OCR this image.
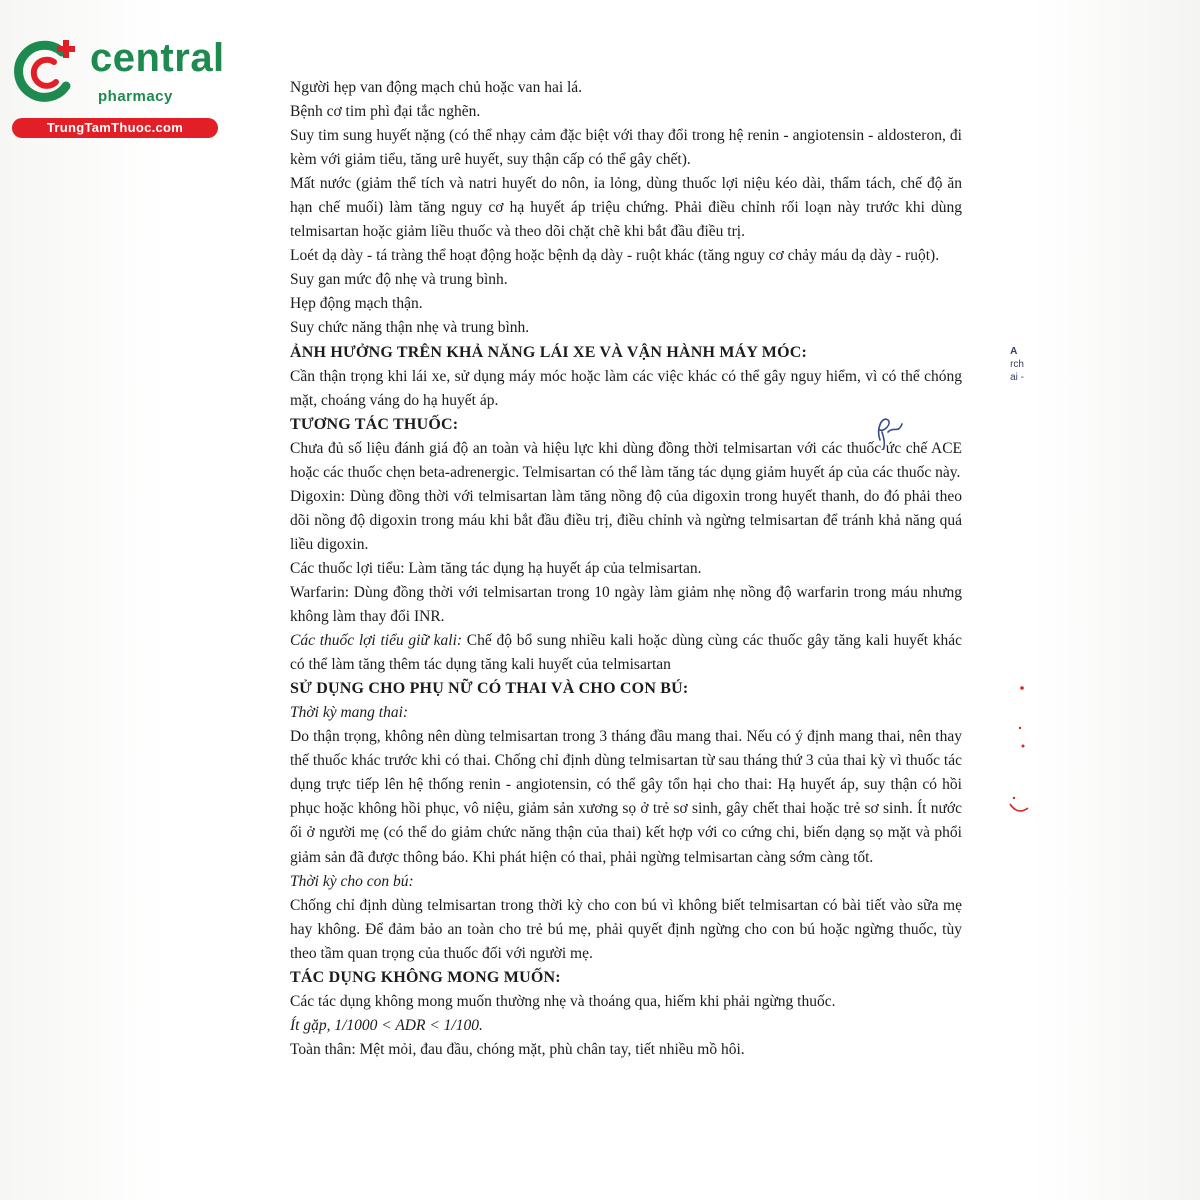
central
pharmacy
TrungTamThuoc.com

Người hẹp van động mạch chủ hoặc van hai lá.

Bệnh cơ tim phì đại tắc nghẽn.

Suy tim sung huyết nặng (có thể nhạy cảm đặc biệt với thay đổi trong hệ renin - angiotensin - aldosteron, đi kèm với giảm tiểu, tăng urê huyết, suy thận cấp có thể gây chết).

Mất nước (giảm thể tích và natri huyết do nôn, ỉa lỏng, dùng thuốc lợi niệu kéo dài, thẩm tách, chế độ ăn hạn chế muối) làm tăng nguy cơ hạ huyết áp triệu chứng. Phải điều chỉnh rối loạn này trước khi dùng telmisartan hoặc giảm liều thuốc và theo dõi chặt chẽ khi bắt đầu điều trị.

Loét dạ dày - tá tràng thể hoạt động hoặc bệnh dạ dày - ruột khác (tăng nguy cơ chảy máu dạ dày - ruột).

Suy gan mức độ nhẹ và trung bình.

Hẹp động mạch thận.

Suy chức năng thận nhẹ và trung bình.

ẢNH HƯỞNG TRÊN KHẢ NĂNG LÁI XE VÀ VẬN HÀNH MÁY MÓC:

Cần thận trọng khi lái xe, sử dụng máy móc hoặc làm các việc khác có thể gây nguy hiểm, vì có thể chóng mặt, choáng váng do hạ huyết áp.

TƯƠNG TÁC THUỐC:

Chưa đủ số liệu đánh giá độ an toàn và hiệu lực khi dùng đồng thời telmisartan với các thuốc ức chế ACE hoặc các thuốc chẹn beta-adrenergic. Telmisartan có thể làm tăng tác dụng giảm huyết áp của các thuốc này.

Digoxin: Dùng đồng thời với telmisartan làm tăng nồng độ của digoxin trong huyết thanh, do đó phải theo dõi nồng độ digoxin trong máu khi bắt đầu điều trị, điều chỉnh và ngừng telmisartan để tránh khả năng quá liều digoxin.

Các thuốc lợi tiểu: Làm tăng tác dụng hạ huyết áp của telmisartan.

Warfarin: Dùng đồng thời với telmisartan trong 10 ngày làm giảm nhẹ nồng độ warfarin trong máu nhưng không làm thay đổi INR.

Các thuốc lợi tiểu giữ kali: Chế độ bổ sung nhiều kali hoặc dùng cùng các thuốc gây tăng kali huyết khác có thể làm tăng thêm tác dụng tăng kali huyết của telmisartan

SỬ DỤNG CHO PHỤ NỮ CÓ THAI VÀ CHO CON BÚ:

Thời kỳ mang thai:

Do thận trọng, không nên dùng telmisartan trong 3 tháng đầu mang thai. Nếu có ý định mang thai, nên thay thế thuốc khác trước khi có thai. Chống chỉ định dùng telmisartan từ sau tháng thứ 3 của thai kỳ vì thuốc tác dụng trực tiếp lên hệ thống renin - angiotensin, có thể gây tổn hại cho thai: Hạ huyết áp, suy thận có hồi phục hoặc không hồi phục, vô niệu, giảm sản xương sọ ở trẻ sơ sinh, gây chết thai hoặc trẻ sơ sinh. Ít nước ối ở người mẹ (có thể do giảm chức năng thận của thai) kết hợp với co cứng chi, biến dạng sọ mặt và phổi giảm sản đã được thông báo. Khi phát hiện có thai, phải ngừng telmisartan càng sớm càng tốt.

Thời kỳ cho con bú:

Chống chỉ định dùng telmisartan trong thời kỳ cho con bú vì không biết telmisartan có bài tiết vào sữa mẹ hay không. Để đảm bảo an toàn cho trẻ bú mẹ, phải quyết định ngừng cho con bú hoặc ngừng thuốc, tùy theo tầm quan trọng của thuốc đối với người mẹ.

TÁC DỤNG KHÔNG MONG MUỐN:

Các tác dụng không mong muốn thường nhẹ và thoáng qua, hiếm khi phải ngừng thuốc.

Ít gặp, 1/1000 < ADR < 1/100.

Toàn thân: Mệt mỏi, đau đầu, chóng mặt, phù chân tay, tiết nhiều mồ hôi.

A
rch
ai -
